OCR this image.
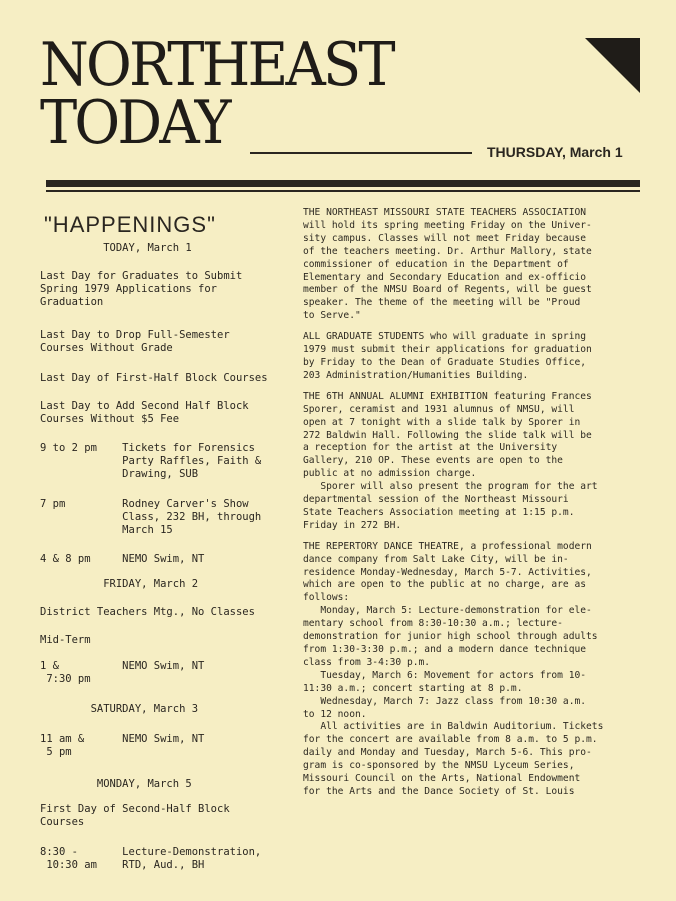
NORTHEAST
TODAY	THURSDAY, March 1
"HAPPENINGS"
TODAY, March 1
Last Day for Graduates to Submit
Spring 1979 Applications for
Graduation
Last Day to Drop Full-Semester
Courses Without Grade
Last Day of First-Half Block Courses
Last Day to Add Second Half Block
Courses Without $5 Fee
9 to 2 pm    Tickets for Forensics
Party Raffles, Faith &
Drawing, SUB
7 pm         Rodney Carver's Show
Class, 232 BH, through
March 15
4 & 8 pm     NEMO Swim, NT
FRIDAY, March 2
District Teachers Mtg., No Classes
Mid-Term
1 &          NEMO Swim, NT
7:30 pm
SATURDAY, March 3
11 am &      NEMO Swim, NT
5 pm
MONDAY, March 5
First Day of Second-Half Block
Courses
8:30 -       Lecture-Demonstration,
10:30 am    RTD, Aud., BH
THE NORTHEAST MISSOURI STATE TEACHERS ASSOCIATION
will hold its spring meeting Friday on the Univer-
sity campus. Classes will not meet Friday because
of the teachers meeting. Dr. Arthur Mallory, state
commissioner of education in the Department of
Elementary and Secondary Education and ex-officio
member of the NMSU Board of Regents, will be guest
speaker. The theme of the meeting will be "Proud
to Serve."
ALL GRADUATE STUDENTS who will graduate in spring
1979 must submit their applications for graduation
by Friday to the Dean of Graduate Studies Office,
203 Administration/Humanities Building.
THE 6TH ANNUAL ALUMNI EXHIBITION featuring Frances
Sporer, ceramist and 1931 alumnus of NMSU, will
open at 7 tonight with a slide talk by Sporer in
272 Baldwin Hall. Following the slide talk will be
a reception for the artist at the University
Gallery, 210 OP. These events are open to the
public at no admission charge.
Sporer will also present the program for the art
departmental session of the Northeast Missouri
State Teachers Association meeting at 1:15 p.m.
Friday in 272 BH.
THE REPERTORY DANCE THEATRE, a professional modern
dance company from Salt Lake City, will be in-
residence Monday-Wednesday, March 5-7. Activities,
which are open to the public at no charge, are as
follows:
Monday, March 5: Lecture-demonstration for ele-
mentary school from 8:30-10:30 a.m.; lecture-
demonstration for junior high school through adults
from 1:30-3:30 p.m.; and a modern dance technique
class from 3-4:30 p.m.
Tuesday, March 6: Movement for actors from 10-
11:30 a.m.; concert starting at 8 p.m.
Wednesday, March 7: Jazz class from 10:30 a.m.
to 12 noon.
All activities are in Baldwin Auditorium. Tickets
for the concert are available from 8 a.m. to 5 p.m.
daily and Monday and Tuesday, March 5-6. This pro-
gram is co-sponsored by the NMSU Lyceum Series,
Missouri Council on the Arts, National Endowment
for the Arts and the Dance Society of St. Louis
